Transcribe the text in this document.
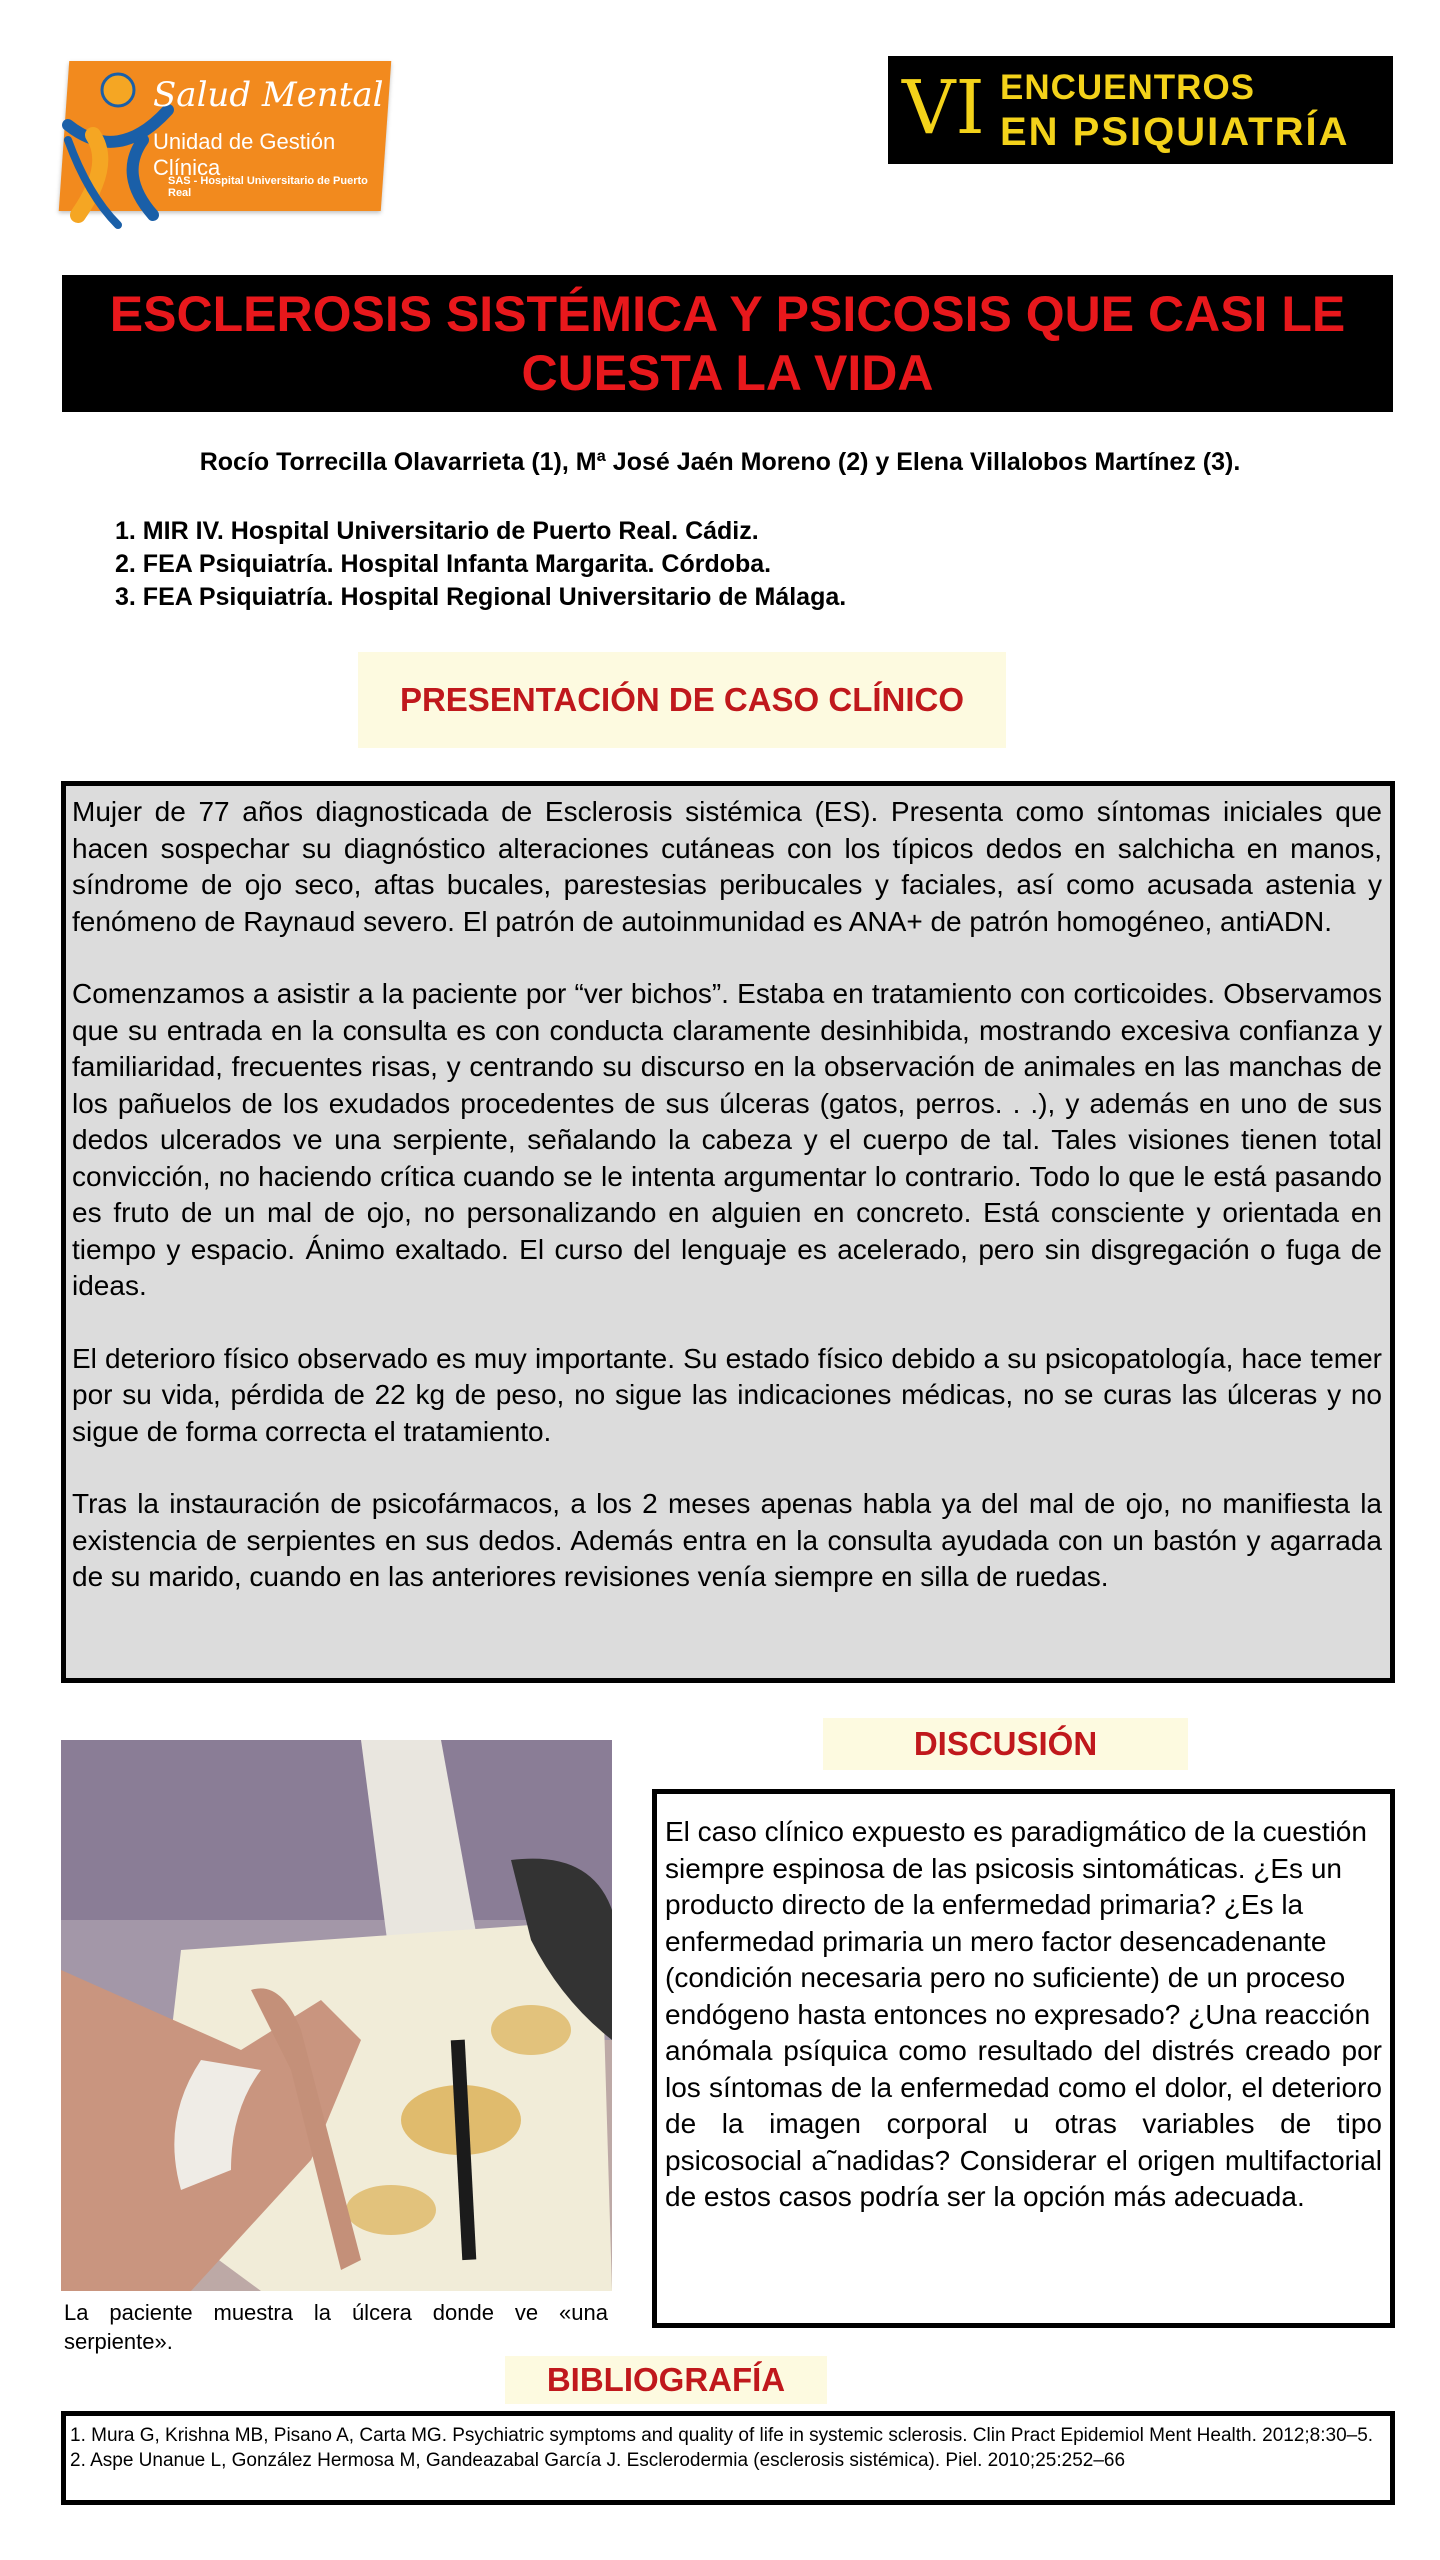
Salud Mental
Unidad de Gestión Clínica
SAS - Hospital Universitario de Puerto Real
VI ENCUENTROS
EN PSIQUIATRÍA
ESCLEROSIS SISTÉMICA Y PSICOSIS QUE CASI LE CUESTA LA VIDA
Rocío Torrecilla Olavarrieta (1), Mª José Jaén Moreno (2) y Elena Villalobos Martínez (3).
1. MIR IV. Hospital Universitario de Puerto Real. Cádiz.
2. FEA Psiquiatría. Hospital Infanta Margarita. Córdoba.
3. FEA Psiquiatría. Hospital Regional Universitario de Málaga.
PRESENTACIÓN DE CASO CLÍNICO

Mujer de 77 años diagnosticada de Esclerosis sistémica (ES). Presenta como síntomas iniciales que hacen sospechar su diagnóstico alteraciones cutáneas con los típicos dedos en salchicha en manos, síndrome de ojo seco, aftas bucales, parestesias peribucales y faciales, así como acusada astenia y fenómeno de Raynaud severo. El patrón de autoinmunidad es ANA+ de patrón homogéneo, antiADN.

Comenzamos a asistir a la paciente por “ver bichos”. Estaba en tratamiento con corticoides. Observamos que su entrada en la consulta es con conducta claramente desinhibida, mostrando excesiva confianza y familiaridad, frecuentes risas, y centrando su discurso en la observación de animales en las manchas de los pañuelos de los exudados procedentes de sus úlceras (gatos, perros. . .), y además en uno de sus dedos ulcerados ve una serpiente, señalando la cabeza y el cuerpo de tal. Tales visiones tienen total convicción, no haciendo crítica cuando se le intenta argumentar lo contrario. Todo lo que le está pasando es fruto de un mal de ojo, no personalizando en alguien en concreto. Está consciente y orientada en tiempo y espacio. Ánimo exaltado. El curso del lenguaje es acelerado, pero sin disgregación o fuga de ideas.

El deterioro físico observado es muy importante. Su estado físico debido a su psicopatología, hace temer por su vida, pérdida de 22 kg de peso, no sigue las indicaciones médicas, no se curas las úlceras y no sigue de forma correcta el tratamiento.

Tras la instauración de psicofármacos, a los 2 meses apenas habla ya del mal de ojo, no manifiesta la existencia de serpientes en sus dedos. Además entra en la consulta ayudada con un bastón y agarrada de su marido, cuando en las anteriores revisiones venía siempre en silla de ruedas.

La paciente muestra la úlcera donde ve «una serpiente».
DISCUSIÓN

El caso clínico expuesto es paradigmático de la cuestión siempre espinosa de las psicosis sintomáticas. ¿Es un producto directo de la enfermedad primaria? ¿Es la enfermedad primaria un mero factor desencadenante (condición necesaria pero no suficiente) de un proceso endógeno hasta entonces no expresado? ¿Una reacción

anómala psíquica como resultado del distrés creado por los síntomas de la enfermedad como el dolor, el deterioro de la imagen corporal u otras variables de tipo psicosocial a˜nadidas? Considerar el origen multifactorial de estos casos podría ser la opción más adecuada.

BIBLIOGRAFÍA
1. Mura G, Krishna MB, Pisano A, Carta MG. Psychiatric symptoms and quality of life in systemic sclerosis. Clin Pract Epidemiol Ment Health. 2012;8:30–5.
2. Aspe Unanue L, González Hermosa M, Gandeazabal García J. Esclerodermia (esclerosis sistémica). Piel. 2010;25:252–66
